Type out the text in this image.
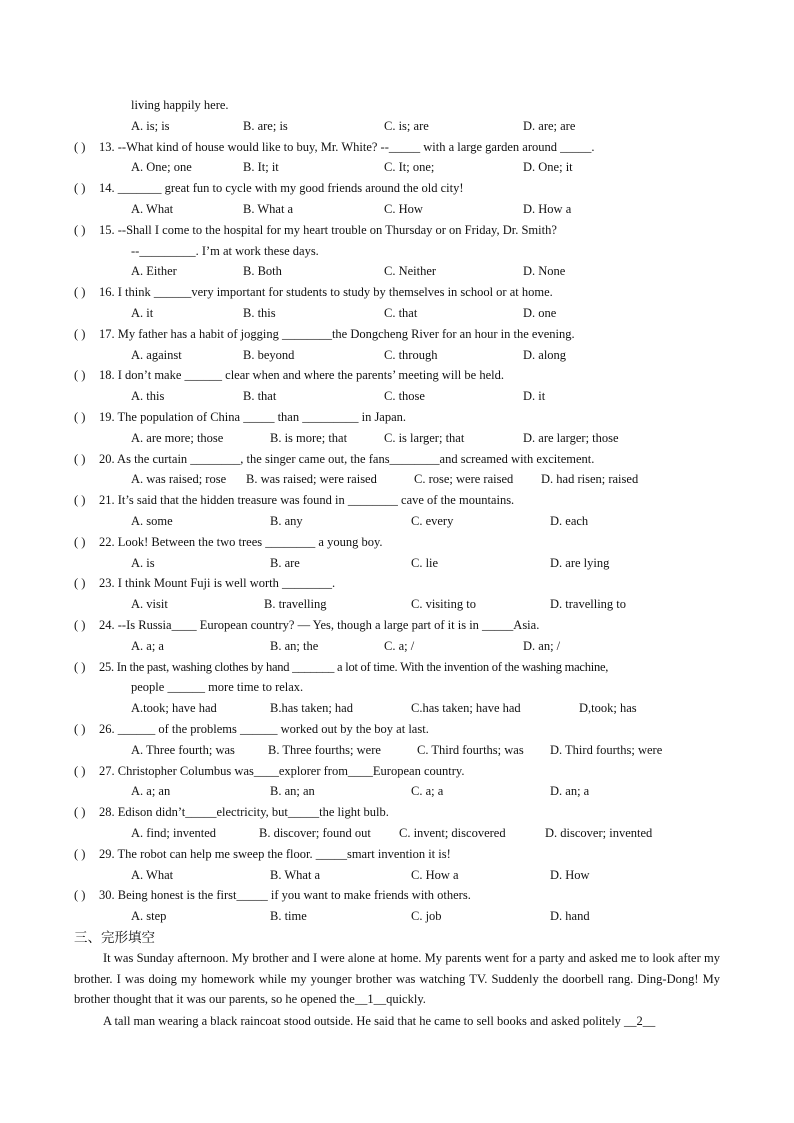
living happily here.
A. is; is	B. are; is	C. is; are	D. are; are
( ) 13. --What kind of house would like to buy, Mr. White? --_____ with a large garden around _____.
A. One; one	B. It; it	C. It; one;	D. One; it
( ) 14. _______ great fun to cycle with my good friends around the old city!
A. What	B. What a	C. How	D. How a
( ) 15. --Shall I come to the hospital for my heart trouble on Thursday or on Friday, Dr. Smith?
--_________. I’m at work these days.
A. Either	B. Both	C. Neither	D. None
( ) 16. I think ______very important for students to study by themselves in school or at home.
A. it	B. this	C. that	D. one
( ) 17. My father has a habit of jogging ________the Dongcheng River for an hour in the evening.
A. against	B. beyond	C. through	D. along
( ) 18. I don’t make ______ clear when and where the parents’ meeting will be held.
A. this	B. that	C. those	D. it
( ) 19. The population of China _____ than _________ in Japan.
A. are more; those	B. is more; that	C. is larger; that	D. are larger; those
( ) 20. As the curtain ________, the singer came out, the fans________and screamed with excitement.
A. was raised; rose B. was raised; were raised	C. rose; were raised D. had risen; raised
( ) 21. It’s said that the hidden treasure was found in ________ cave of the mountains.
A. some	B. any	C. every	D. each
( ) 22. Look! Between the two trees ________ a young boy.
A. is	B. are	C. lie	D. are lying
( ) 23. I think Mount Fuji is well worth ________.
A. visit	B. travelling	C. visiting to	D. travelling to
( ) 24. --Is Russia____ European country? — Yes, though a large part of it is in _____Asia.
A. a; a	B. an; the	C. a; /	D. an; /
( ) 25. In the past, washing clothes by hand _______ a lot of time. With the invention of the washing machine,
people ______ more time to relax.
A.took; have had	B.has taken; had	C.has taken; have had	D,took; has
( ) 26. ______ of the problems ______ worked out by the boy at last.
A. Three fourth; was	B. Three fourths; were	C. Third fourths; was D. Third fourths; were
( ) 27. Christopher Columbus was____explorer from____European country.
A. a; an	B. an; an	C. a; a	D. an; a
( ) 28. Edison didn’t_____electricity, but_____the light bulb.
A. find; invented	B. discover; found out C. invent; discovered	D. discover; invented
( ) 29. The robot can help me sweep the floor. _____smart invention it is!
A. What	B. What a	C. How a	D. How
( ) 30. Being honest is the first_____ if you want to make friends with others.
A. step	B. time	C. job	D. hand
三、完形填空
It was Sunday afternoon. My brother and I were alone at home. My parents went for a party and asked me to look after my brother. I was doing my homework while my younger brother was watching TV. Suddenly the doorbell rang. Ding-Dong! My brother thought that it was our parents, so he opened the__1__quickly.
A tall man wearing a black raincoat stood outside. He said that he came to sell books and asked politely __2__
